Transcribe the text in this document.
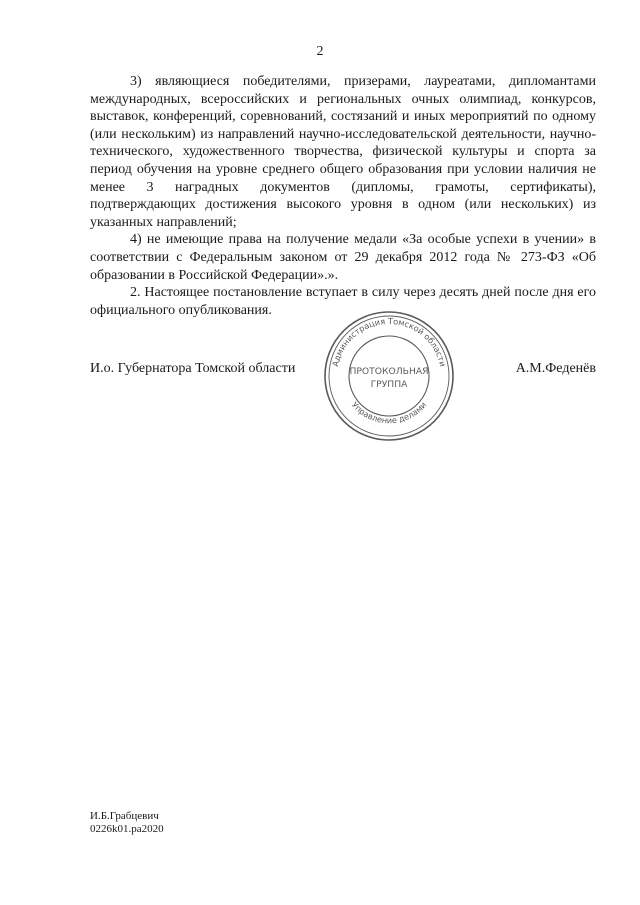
2

3) являющиеся победителями, призерами, лауреатами, дипломантами международных, всероссийских и региональных очных олимпиад, конкурсов, выставок, конференций, соревнований, состязаний и иных мероприятий по одному (или нескольким) из направлений научно-исследовательской деятельности, научно-технического, художественного творчества, физической культуры и спорта за период обучения на уровне среднего общего образования при условии наличия не менее 3 наградных документов (дипломы, грамоты, сертификаты), подтверждающих достижения высокого уровня в одном (или нескольких) из указанных направлений;

4) не имеющие права на получение медали «За особые успехи в учении» в соответствии с Федеральным законом от 29 декабря 2012 года № 273-ФЗ «Об образовании в Российской Федерации».».

2. Настоящее постановление вступает в силу через десять дней после дня его официального опубликования.

И.о. Губернатора Томской области	А.М.Феденёв
Администрация Томской области
Управление делами
ПРОТОКОЛЬНАЯ
ГРУППА
И.Б.Грабцевич
0226k01.pa2020
